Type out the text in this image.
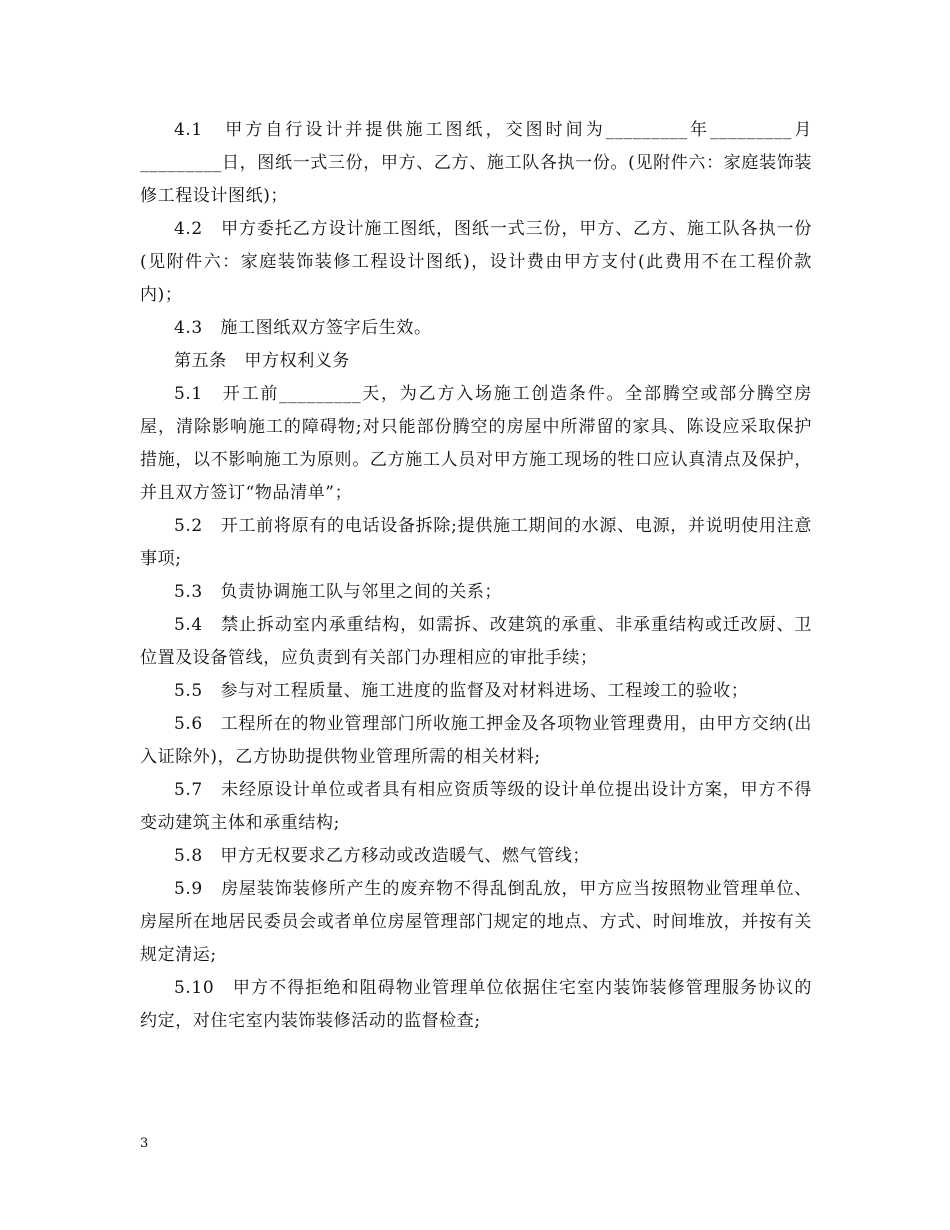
4.1　甲方自行设计并提供施工图纸，交图时间为_________年_________月_________日，图纸一式三份，甲方、乙方、施工队各执一份。(见附件六：家庭装饰装修工程设计图纸)；

4.2　甲方委托乙方设计施工图纸，图纸一式三份，甲方、乙方、施工队各执一份(见附件六：家庭装饰装修工程设计图纸)，设计费由甲方支付(此费用不在工程价款内)；

4.3　施工图纸双方签字后生效。

第五条　甲方权利义务

5.1　开工前_________天，为乙方入场施工创造条件。全部腾空或部分腾空房屋，清除影响施工的障碍物;对只能部份腾空的房屋中所滞留的家具、陈设应采取保护措施，以不影响施工为原则。乙方施工人员对甲方施工现场的牲口应认真清点及保护，并且双方签订“物品清单”；

5.2　开工前将原有的电话设备拆除;提供施工期间的水源、电源，并说明使用注意事项;

5.3　负责协调施工队与邻里之间的关系；

5.4　禁止拆动室内承重结构，如需拆、改建筑的承重、非承重结构或迁改厨、卫位置及设备管线，应负责到有关部门办理相应的审批手续；

5.5　参与对工程质量、施工进度的监督及对材料进场、工程竣工的验收；

5.6　工程所在的物业管理部门所收施工押金及各项物业管理费用，由甲方交纳(出入证除外)，乙方协助提供物业管理所需的相关材料;

5.7　未经原设计单位或者具有相应资质等级的设计单位提出设计方案，甲方不得变动建筑主体和承重结构;

5.8　甲方无权要求乙方移动或改造暖气、燃气管线；

5.9　房屋装饰装修所产生的废弃物不得乱倒乱放，甲方应当按照物业管理单位、房屋所在地居民委员会或者单位房屋管理部门规定的地点、方式、时间堆放，并按有关规定清运;

5.10　甲方不得拒绝和阻碍物业管理单位依据住宅室内装饰装修管理服务协议的约定，对住宅室内装饰装修活动的监督检查;

3
